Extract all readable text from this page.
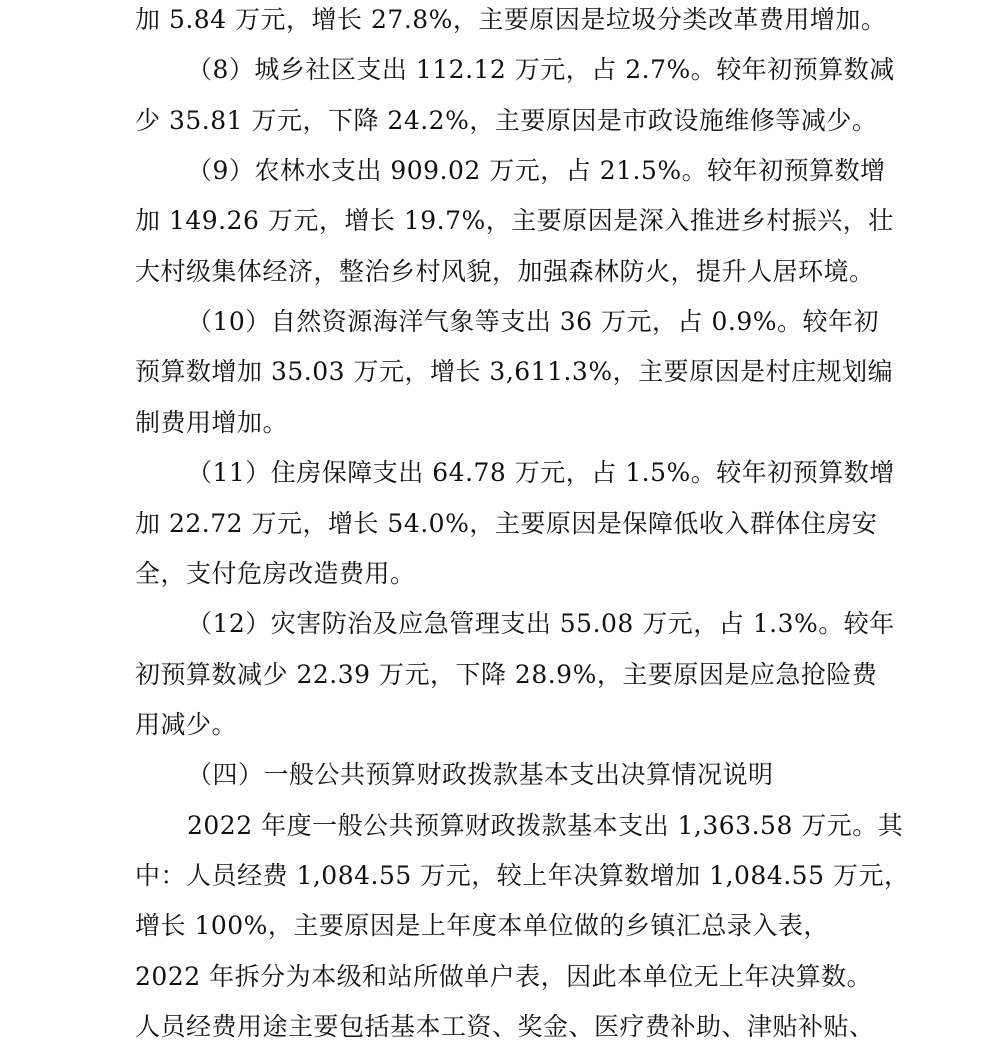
加 5.84 万元，增长 27.8%，主要原因是垃圾分类改革费用增加。
（8）城乡社区支出 112.12 万元，占 2.7%。较年初预算数减
少 35.81 万元，下降 24.2%，主要原因是市政设施维修等减少。
（9）农林水支出 909.02 万元，占 21.5%。较年初预算数增
加 149.26 万元，增长 19.7%，主要原因是深入推进乡村振兴，壮
大村级集体经济，整治乡村风貌，加强森林防火，提升人居环境。
（10）自然资源海洋气象等支出 36 万元，占 0.9%。较年初
预算数增加 35.03 万元，增长 3,611.3%，主要原因是村庄规划编
制费用增加。
（11）住房保障支出 64.78 万元，占 1.5%。较年初预算数增
加 22.72 万元，增长 54.0%，主要原因是保障低收入群体住房安
全，支付危房改造费用。
（12）灾害防治及应急管理支出 55.08 万元，占 1.3%。较年
初预算数减少 22.39 万元，下降 28.9%，主要原因是应急抢险费
用减少。
（四）一般公共预算财政拨款基本支出决算情况说明
2022 年度一般公共预算财政拨款基本支出 1,363.58 万元。其
中：人员经费 1,084.55 万元，较上年决算数增加 1,084.55 万元，
增长 100%，主要原因是上年度本单位做的乡镇汇总录入表，
2022 年拆分为本级和站所做单户表，因此本单位无上年决算数。
人员经费用途主要包括基本工资、奖金、医疗费补助、津贴补贴、
